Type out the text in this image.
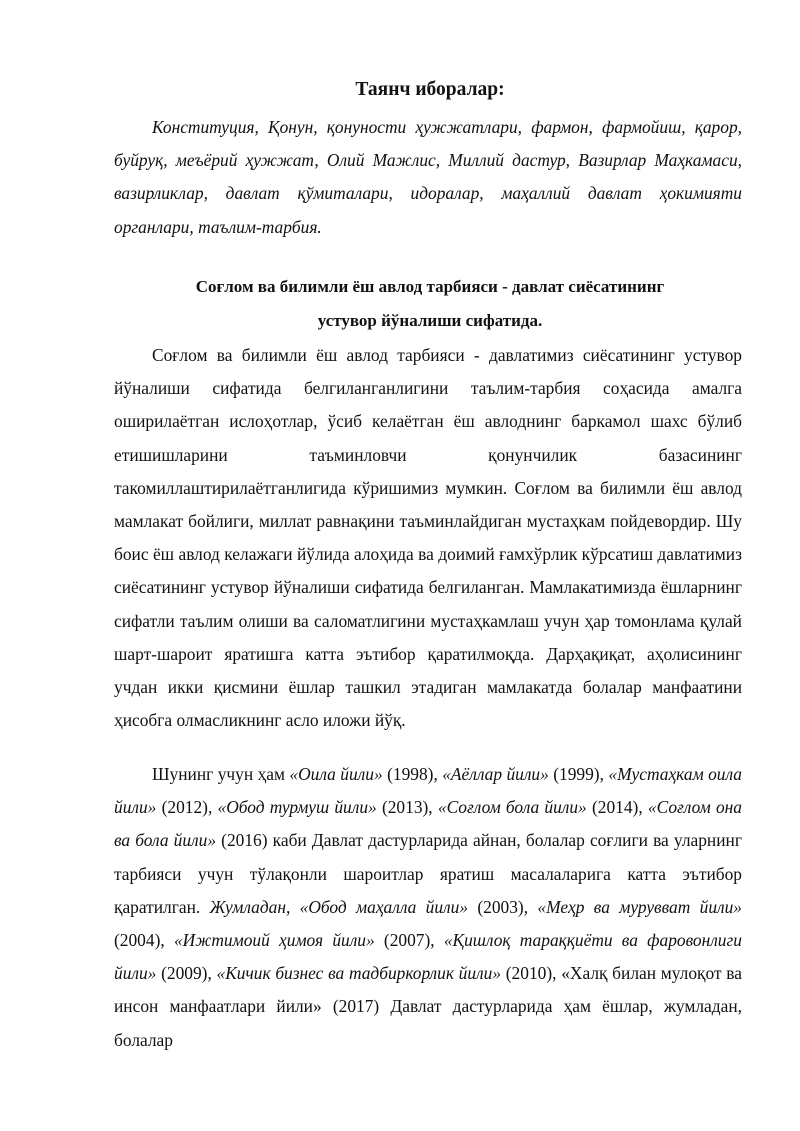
Таянч иборалар:

Конституция, Қонун, қонуности ҳужжатлари, фармон, фармойиш, қарор, буйруқ, меъёрий ҳужжат, Олий Мажлис, Миллий дастур, Вазирлар Маҳкамаси, вазирликлар, давлат қўмиталари, идоралар, маҳаллий давлат ҳокимияти органлари, таълим-тарбия.

Соғлом ва билимли ёш авлод тарбияси - давлат сиёсатининг
устувор йўналиши сифатида.

Соғлом ва билимли ёш авлод тарбияси - давлатимиз сиёсатининг устувор йўналиши сифатида белгиланганлигини таълим-тарбия соҳасида амалга оширилаётган ислоҳотлар, ўсиб келаётган ёш авлоднинг баркамол шахс бўлиб етишишларини таъминловчи қонунчилик базасининг такомиллаштирилаётганлигида кўришимиз мумкин. Соғлом ва билимли ёш авлод мамлакат бойлиги, миллат равнақини таъминлайдиган мустаҳкам пойдевордир. Шу боис ёш авлод келажаги йўлида алоҳида ва доимий ғамхўрлик кўрсатиш давлатимиз сиёсатининг устувор йўналиши сифатида белгиланган. Мамлакатимизда ёшларнинг сифатли таълим олиши ва саломатлигини мустаҳкамлаш учун ҳар томонлама қулай шарт-шароит яратишга катта эътибор қаратилмоқда. Дарҳақиқат, аҳолисининг учдан икки қисмини ёшлар ташкил этадиган мамлакатда болалар манфаатини ҳисобга олмасликнинг асло иложи йўқ.

Шунинг учун ҳам «Оила йили» (1998), «Аёллар йили» (1999), «Мустаҳкам оила йили» (2012), «Обод турмуш йили» (2013), «Соғлом бола йили» (2014), «Соғлом она ва бола йили» (2016) каби Давлат дастурларида айнан, болалар соғлиги ва уларнинг тарбияси учун тўлақонли шароитлар яратиш масалаларига катта эътибор қаратилган. Жумладан, «Обод маҳалла йили» (2003), «Меҳр ва мурувват йили» (2004), «Ижтимоий ҳимоя йили» (2007), «Қишлоқ тараққиёти ва фаровонлиги йили» (2009), «Кичик бизнес ва тадбиркорлик йили» (2010), «Халқ билан мулоқот ва инсон манфаатлари йили» (2017) Давлат дастурларида ҳам ёшлар, жумладан, болалар
